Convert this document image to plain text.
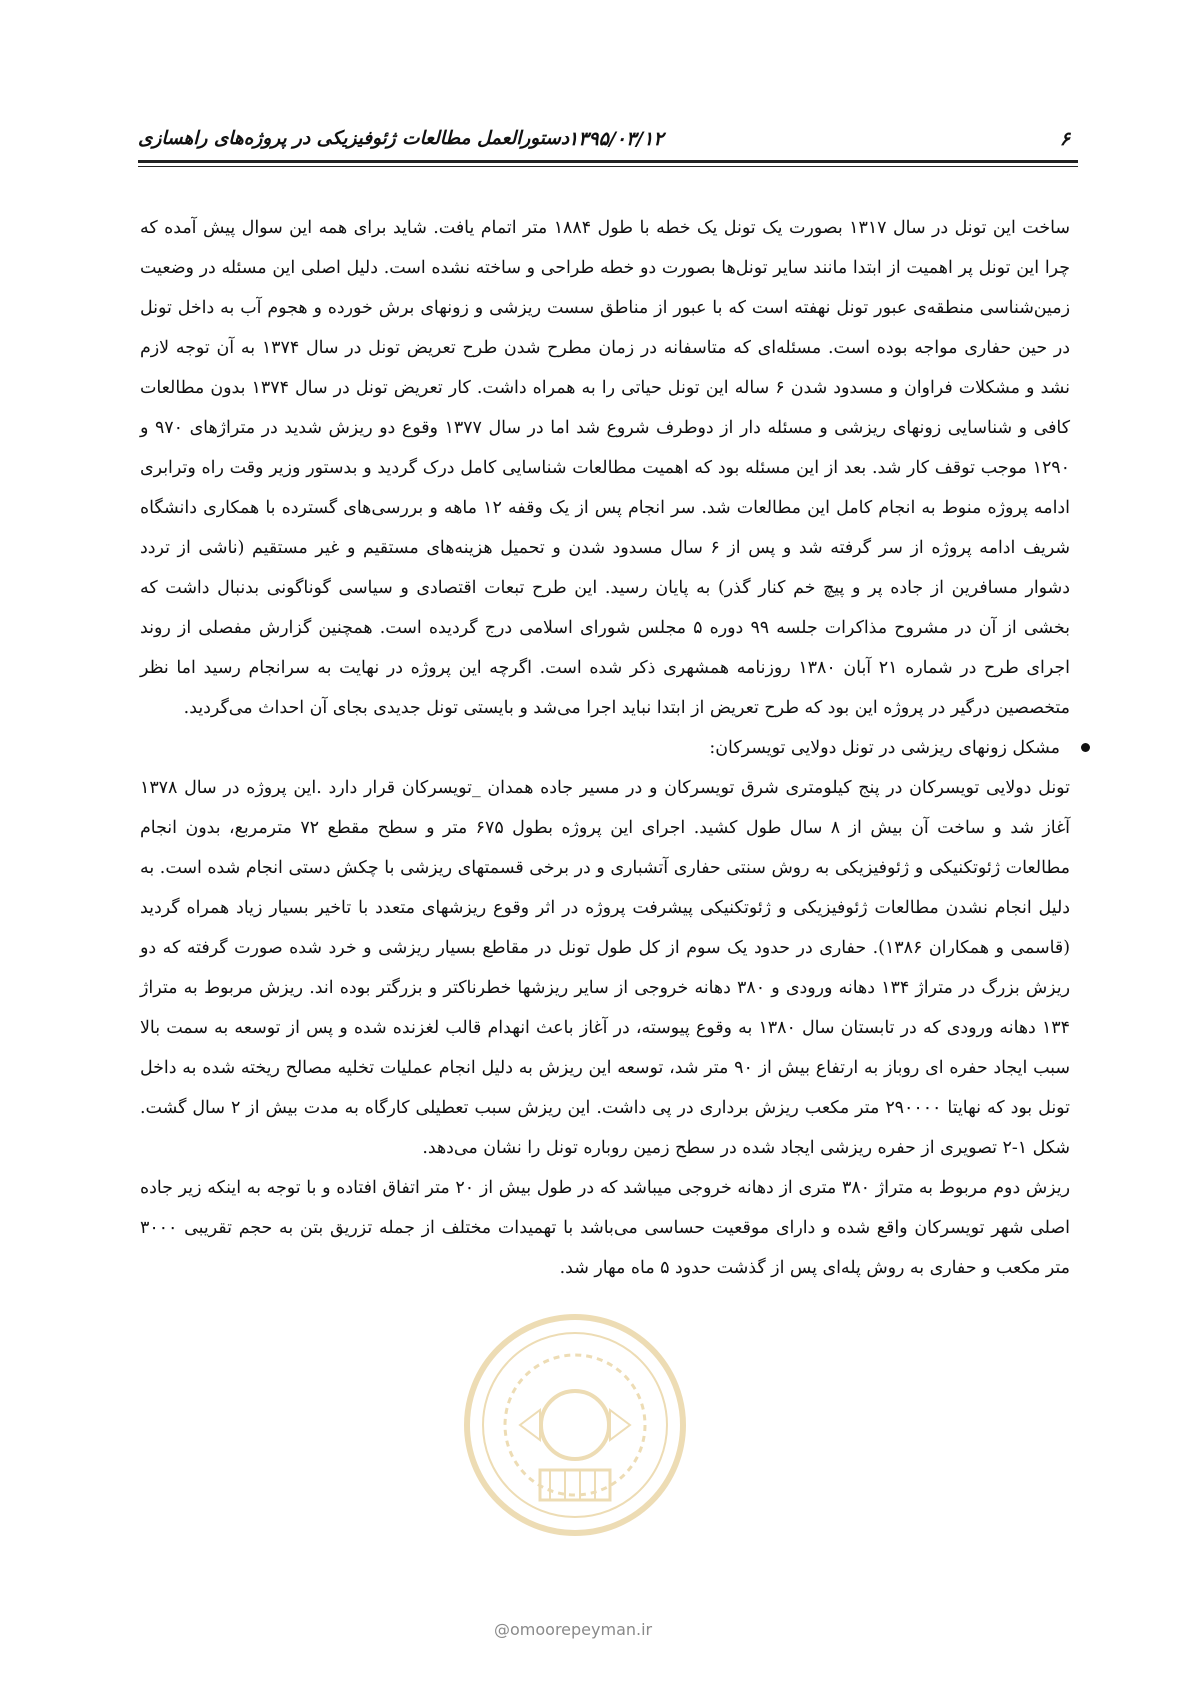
۶
۱۳۹۵/۰۳/۱۲
دستورالعمل مطالعات ژئوفیزیکی در پروژه‌های راهسازی

ساخت این تونل در سال ۱۳۱۷ بصورت یک تونل یک خطه با طول ۱۸۸۴ متر اتمام یافت. شاید برای همه این سوال پیش آمده که چرا این تونل پر اهمیت از ابتدا مانند سایر تونل‌ها بصورت دو خطه طراحی و ساخته نشده است. دلیل اصلی این مسئله در وضعیت زمین‌شناسی منطقه‌ی عبور تونل نهفته است که با عبور از مناطق سست ریزشی و زونهای برش خورده و هجوم آب به داخل تونل در حین حفاری مواجه بوده است. مسئله‌ای که متاسفانه در زمان مطرح شدن طرح تعریض تونل در سال ۱۳۷۴ به آن توجه لازم نشد و مشکلات فراوان و مسدود شدن ۶ ساله این تونل حیاتی را به همراه داشت. کار تعریض تونل در سال ۱۳۷۴ بدون مطالعات کافی و شناسایی زونهای ریزشی و مسئله دار از دوطرف شروع شد اما در سال ۱۳۷۷ وقوع دو ریزش شدید در متراژهای ۹۷۰ و ۱۲۹۰ موجب توقف کار شد. بعد از این مسئله بود که اهمیت مطالعات شناسایی کامل درک گردید و بدستور وزیر وقت راه وترابری ادامه پروژه منوط به انجام کامل این مطالعات شد. سر انجام پس از یک وقفه ۱۲ ماهه و بررسی‌های گسترده با همکاری دانشگاه شریف ادامه پروژه از سر گرفته شد و پس از ۶ سال مسدود شدن و تحمیل هزینه‌های مستقیم و غیر مستقیم (ناشی از تردد دشوار مسافرین از جاده پر و پیچ خم کنار گذر) به پایان رسید. این طرح تبعات اقتصادی و سیاسی گوناگونی بدنبال داشت که بخشی از آن در مشروح مذاکرات جلسه ۹۹ دوره ۵ مجلس شورای اسلامی درج گردیده است. همچنین گزارش مفصلی از روند اجرای طرح در شماره ۲۱ آبان ۱۳۸۰ روزنامه همشهری ذکر شده است. اگرچه این پروژه در نهایت به سرانجام رسید اما نظر متخصصین درگیر در پروژه این بود که طرح تعریض از ابتدا نباید اجرا می‌شد و بایستی تونل جدیدی بجای آن احداث می‌گردید.

مشکل زونهای ریزشی در تونل دولایی تویسرکان:

تونل دولایی تویسرکان در پنج کیلومتری شرق تویسرکان و در مسیر جاده همدان _تویسرکان قرار دارد .این پروژه در سال ۱۳۷۸ آغاز شد و ساخت آن بیش از ۸ سال طول کشید. اجرای این پروژه بطول ۶۷۵ متر و سطح مقطع ۷۲ مترمربع، بدون انجام مطالعات ژئوتکنیکی و ژئوفیزیکی به روش سنتی حفاری آتشباری و در برخی قسمتهای ریزشی با چکش دستی انجام شده است. به دلیل انجام نشدن مطالعات ژئوفیزیکی و ژئوتکنیکی پیشرفت پروژه در اثر وقوع ریزشهای متعدد با تاخیر بسیار زیاد همراه گردید (قاسمی و همکاران ۱۳۸۶). حفاری در حدود یک سوم از کل طول تونل در مقاطع بسیار ریزشی و خرد شده صورت گرفته که دو ریزش بزرگ در متراژ ۱۳۴ دهانه ورودی و ۳۸۰ دهانه خروجی از سایر ریزشها خطرناکتر و بزرگتر بوده اند. ریزش مربوط به متراژ ۱۳۴ دهانه ورودی که در تابستان سال ۱۳۸۰ به وقوع پیوسته، در آغاز باعث انهدام قالب لغزنده شده و پس از توسعه به سمت بالا سبب ایجاد حفره ای روباز به ارتفاع بیش از ۹۰ متر شد، توسعه این ریزش به دلیل انجام عملیات تخلیه مصالح ریخته شده به داخل تونل بود که نهایتا ۲۹۰۰۰۰ متر مکعب ریزش برداری در پی داشت. این ریزش سبب تعطیلی کارگاه به مدت بیش از ۲ سال گشت. شکل ۱-۲ تصویری از حفره ریزشی ایجاد شده در سطح زمین روباره تونل را نشان می‌دهد.

ریزش دوم مربوط به متراژ ۳۸۰ متری از دهانه خروجی میباشد که در طول بیش از ۲۰ متر اتفاق افتاده و با توجه به اینکه زیر جاده اصلی شهر تویسرکان واقع شده و دارای موقعیت حساسی می‌باشد با تهمیدات مختلف از جمله تزریق بتن به حجم تقریبی ۳۰۰۰ متر مکعب و حفاری به روش پله‌ای پس از گذشت حدود ۵ ماه مهار شد.

@omoorepeyman.ir
